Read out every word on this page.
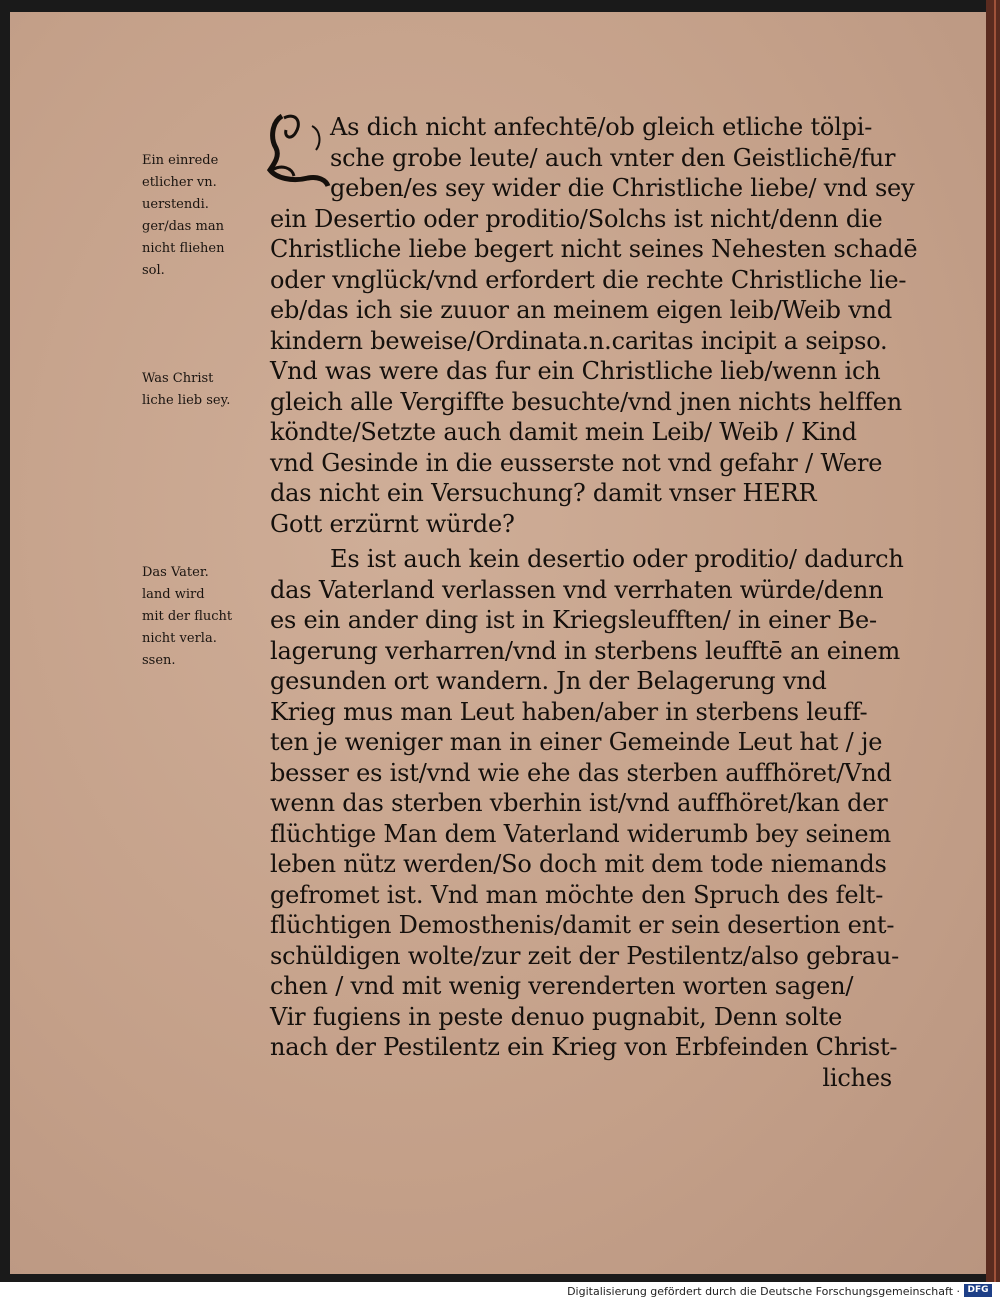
Ein einrede
etlicher vn.
uerstendi.
ger/das man
nicht fliehen
sol.
Was Christ
liche lieb sey.
Das Vater.
land wird
mit der flucht
nicht verla.
ssen.
As dich nicht anfechtē/ob gleich etliche tölpi-
sche grobe leute/ auch vnter den Geistlichē/fur
geben/es sey wider die Christliche liebe/ vnd sey
ein Desertio oder proditio/Solchs ist nicht/denn die
Christliche liebe begert nicht seines Nehesten schadē
oder vnglück/vnd erfordert die rechte Christliche lie-
eb/das ich sie zuuor an meinem eigen leib/Weib vnd
kindern beweise/Ordinata.n.caritas incipit a seipso.
Vnd was were das fur ein Christliche lieb/wenn ich
gleich alle Vergiffte besuchte/vnd jnen nichts helffen
köndte/Setzte auch damit mein Leib/ Weib / Kind
vnd Gesinde in die eusserste not vnd gefahr / Were
das nicht ein Versuchung? damit vnser HERR
Gott erzürnt würde?
Es ist auch kein desertio oder proditio/ dadurch
das Vaterland verlassen vnd verrhaten würde/denn
es ein ander ding ist in Kriegsleufften/ in einer Be-
lagerung verharren/vnd in sterbens leufftē an einem
gesunden ort wandern. Jn der Belagerung vnd
Krieg mus man Leut haben/aber in sterbens leuff-
ten je weniger man in einer Gemeinde Leut hat / je
besser es ist/vnd wie ehe das sterben auffhöret/Vnd
wenn das sterben vberhin ist/vnd auffhöret/kan der
flüchtige Man dem Vaterland widerumb bey seinem
leben nütz werden/So doch mit dem tode niemands
gefromet ist. Vnd man möchte den Spruch des felt-
flüchtigen Demosthenis/damit er sein desertion ent-
schüldigen wolte/zur zeit der Pestilentz/also gebrau-
chen / vnd mit wenig verenderten worten sagen/
Vir fugiens in peste denuo pugnabit, Denn solte
nach der Pestilentz ein Krieg von Erbfeinden Christ-
liches
Digitalisierung gefördert durch die Deutsche Forschungsgemeinschaft · DFG
